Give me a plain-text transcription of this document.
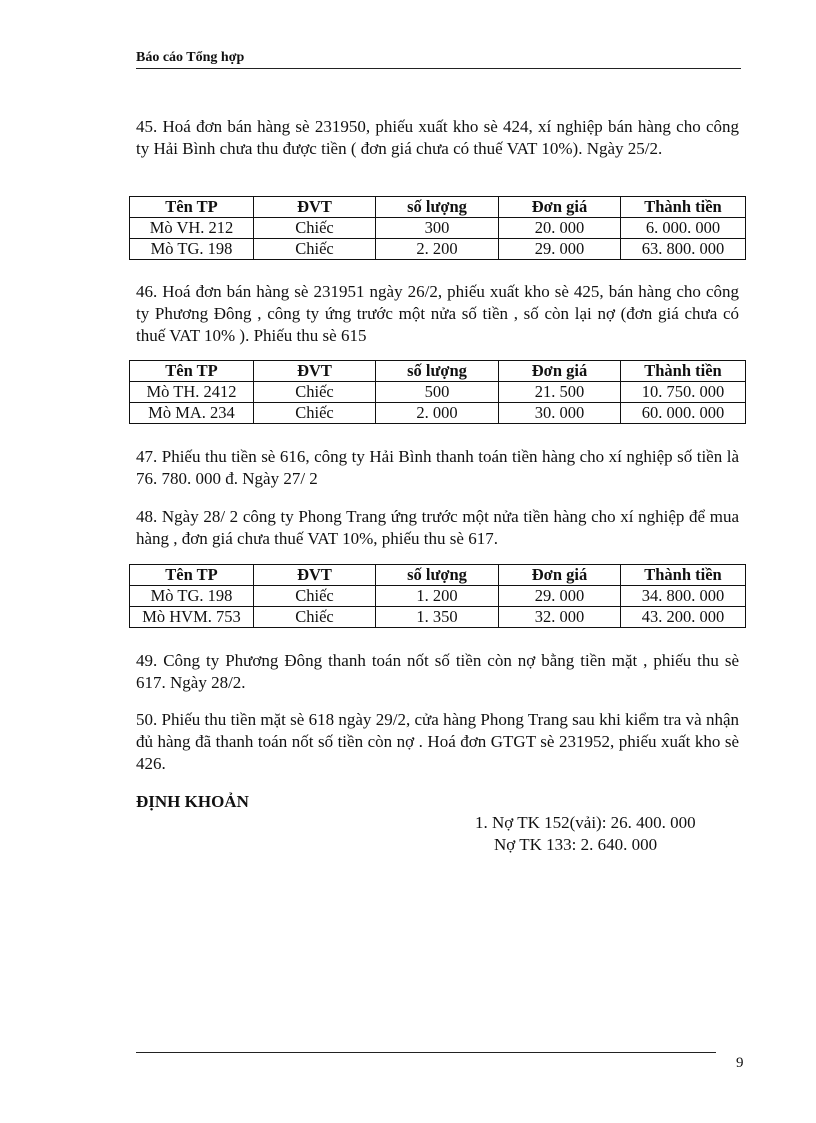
Báo cáo Tổng hợp

45. Hoá đơn bán hàng sè 231950, phiếu xuất kho sè 424, xí nghiệp bán hàng cho công ty Hải Bình chưa thu được tiền ( đơn giá chưa có thuế VAT 10%). Ngày 25/2.

Tên TP	ĐVT	số lượng	Đơn giá	Thành tiền
Mò VH. 212	Chiếc	300	20. 000	6. 000. 000
Mò TG. 198	Chiếc	2. 200	29. 000	63. 800. 000

46. Hoá đơn bán hàng sè 231951 ngày 26/2, phiếu xuất kho sè 425, bán hàng cho công ty Phương Đông , công ty ứng trước một nửa số tiền , số còn lại nợ (đơn giá chưa có thuế VAT 10% ). Phiếu thu sè 615

Tên TP	ĐVT	số lượng	Đơn giá	Thành tiền
Mò TH. 2412	Chiếc	500	21. 500	10. 750. 000
Mò MA. 234	Chiếc	2. 000	30. 000	60. 000. 000

47. Phiếu thu tiền sè 616, công ty Hải Bình thanh toán tiền hàng cho xí nghiệp số tiền là 76. 780. 000 đ. Ngày 27/ 2

48. Ngày 28/ 2 công ty Phong Trang ứng trước một nửa tiền hàng cho xí nghiệp để mua hàng , đơn giá chưa thuế VAT 10%, phiếu thu sè 617.

Tên TP	ĐVT	số lượng	Đơn giá	Thành tiền
Mò TG. 198	Chiếc	1. 200	29. 000	34. 800. 000
Mò HVM. 753	Chiếc	1. 350	32. 000	43. 200. 000

49. Công ty Phương Đông thanh toán nốt số tiền còn nợ bằng tiền mặt , phiếu thu sè 617. Ngày 28/2.

50. Phiếu thu tiền mặt sè 618 ngày 29/2, cửa hàng Phong Trang sau khi kiểm tra và nhận đủ hàng đã thanh toán nốt số tiền còn nợ . Hoá đơn GTGT sè 231952, phiếu xuất kho sè 426.

ĐỊNH KHOẢN
1. Nợ TK 152(vải): 26. 400. 000
Nợ TK 133: 2. 640. 000
9
